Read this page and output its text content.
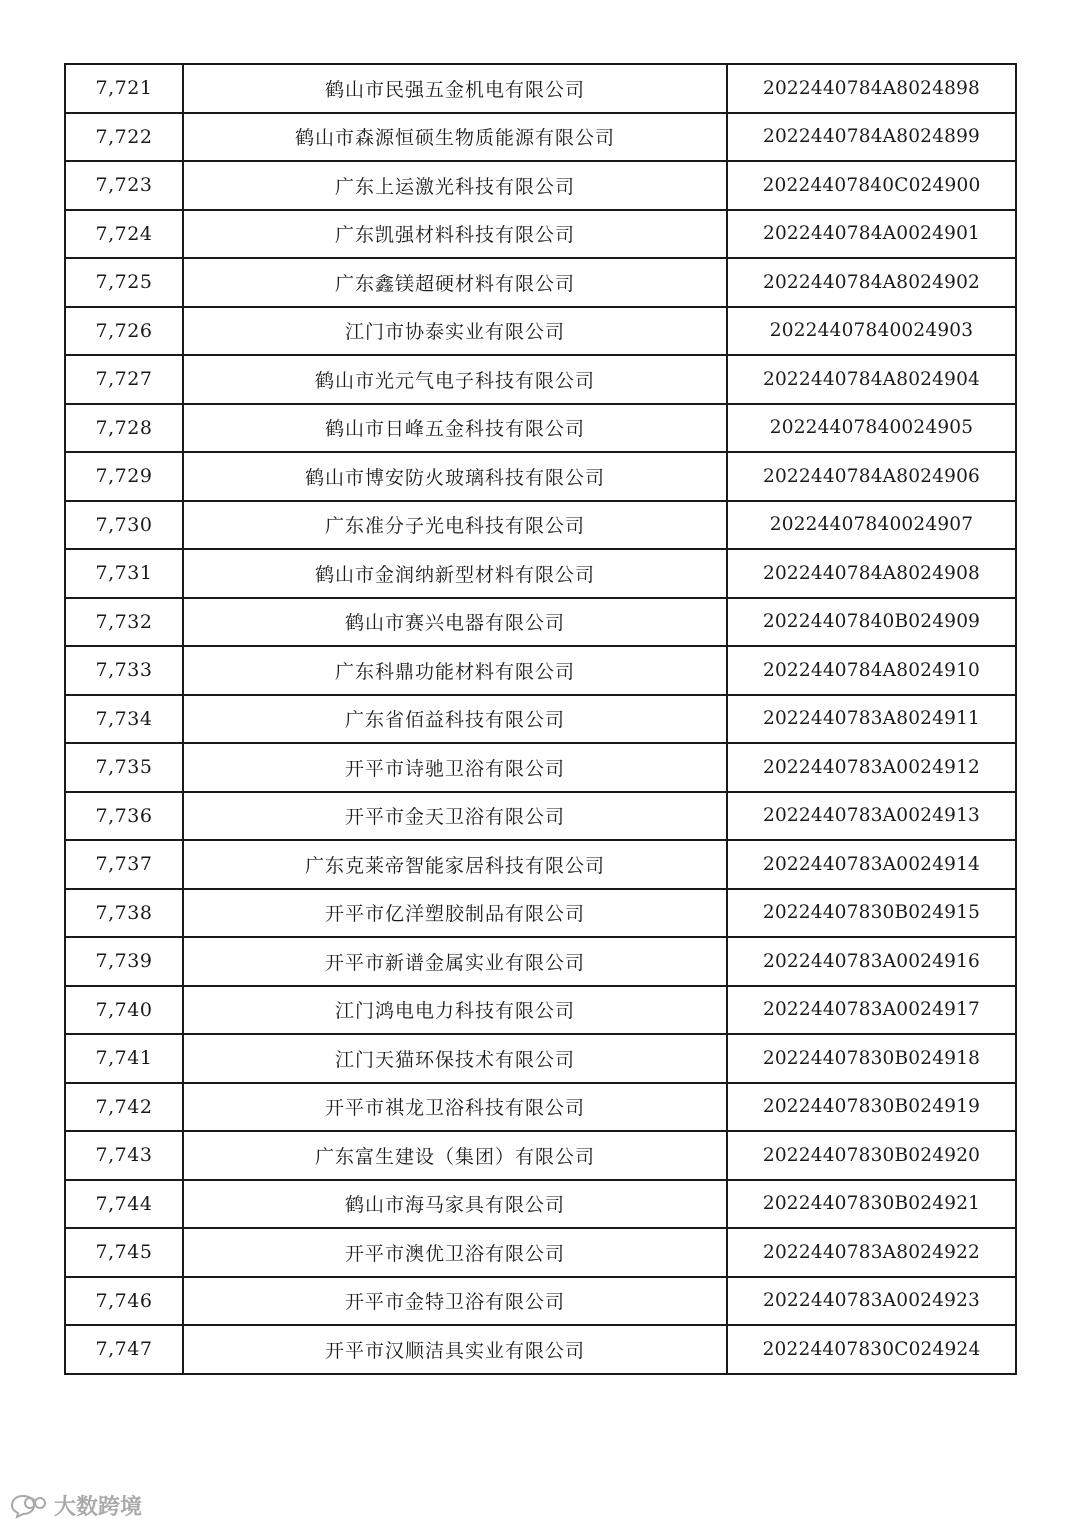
7,721	鹤山市民强五金机电有限公司	2022440784A8024898
7,722	鹤山市森源恒硕生物质能源有限公司	2022440784A8024899
7,723	广东上运激光科技有限公司	20224407840C024900
7,724	广东凯强材料科技有限公司	2022440784A0024901
7,725	广东鑫镁超硬材料有限公司	2022440784A8024902
7,726	江门市协泰实业有限公司	20224407840024903
7,727	鹤山市光元气电子科技有限公司	2022440784A8024904
7,728	鹤山市日峰五金科技有限公司	20224407840024905
7,729	鹤山市博安防火玻璃科技有限公司	2022440784A8024906
7,730	广东准分子光电科技有限公司	20224407840024907
7,731	鹤山市金润纳新型材料有限公司	2022440784A8024908
7,732	鹤山市赛兴电器有限公司	20224407840B024909
7,733	广东科鼎功能材料有限公司	2022440784A8024910
7,734	广东省佰益科技有限公司	2022440783A8024911
7,735	开平市诗驰卫浴有限公司	2022440783A0024912
7,736	开平市金天卫浴有限公司	2022440783A0024913
7,737	广东克莱帝智能家居科技有限公司	2022440783A0024914
7,738	开平市亿洋塑胶制品有限公司	20224407830B024915
7,739	开平市新谱金属实业有限公司	2022440783A0024916
7,740	江门鸿电电力科技有限公司	2022440783A0024917
7,741	江门天猫环保技术有限公司	20224407830B024918
7,742	开平市祺龙卫浴科技有限公司	20224407830B024919
7,743	广东富生建设（集团）有限公司	20224407830B024920
7,744	鹤山市海马家具有限公司	20224407830B024921
7,745	开平市澳优卫浴有限公司	2022440783A8024922
7,746	开平市金特卫浴有限公司	2022440783A0024923
7,747	开平市汉顺洁具实业有限公司	20224407830C024924
大数跨境
